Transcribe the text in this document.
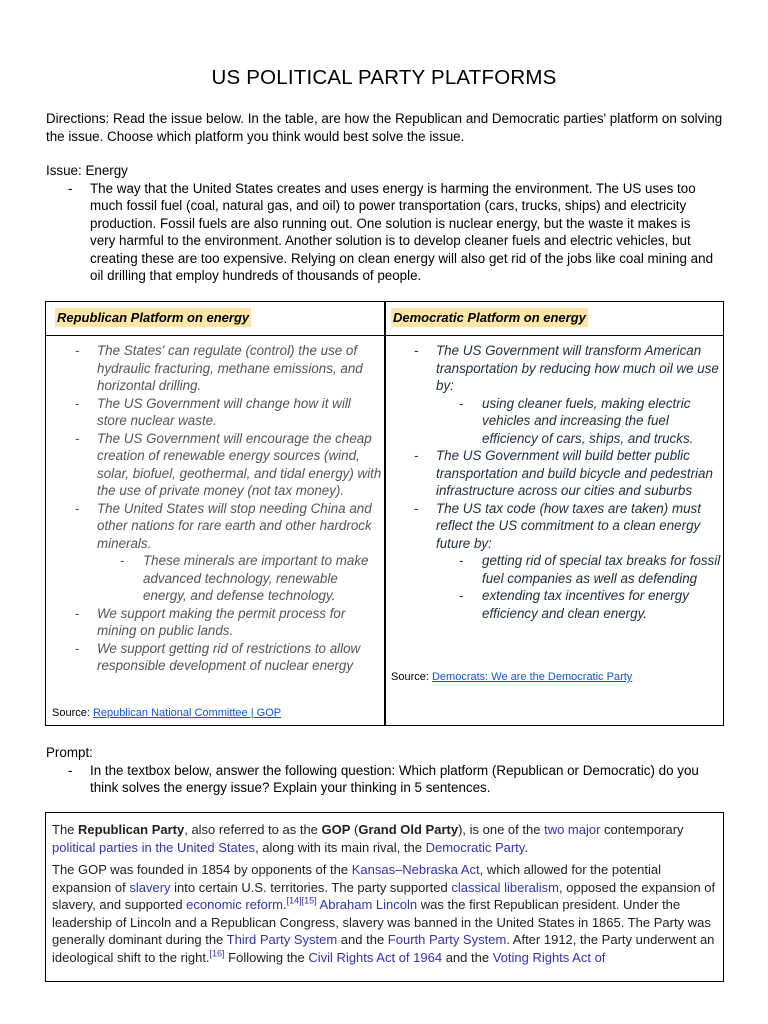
US POLITICAL PARTY PLATFORMS
Directions: Read the issue below. In the table, are how the Republican and Democratic parties' platform on solving the issue. Choose which platform you think would best solve the issue.
Issue: Energy
- The way that the United States creates and uses energy is harming the environment. The US uses too much fossil fuel (coal, natural gas, and oil) to power transportation (cars, trucks, ships) and electricity production. Fossil fuels are also running out. One solution is nuclear energy, but the waste it makes is very harmful to the environment. Another solution is to develop cleaner fuels and electric vehicles, but creating these are too expensive. Relying on clean energy will also get rid of the jobs like coal mining and oil drilling that employ hundreds of thousands of people.
Republican Platform on energy	Democratic Platform on energy
- The States' can regulate (control) the use of hydraulic fracturing, methane emissions, and horizontal drilling.
- The US Government will change how it will store nuclear waste.
- The US Government will encourage the cheap creation of renewable energy sources (wind, solar, biofuel, geothermal, and tidal energy) with the use of private money (not tax money).
- The United States will stop needing China and other nations for rare earth and other hardrock minerals.
- These minerals are important to make advanced technology, renewable energy, and defense technology.
- We support making the permit process for mining on public lands.
- We support getting rid of restrictions to allow responsible development of nuclear energy
- The US Government will transform American transportation by reducing how much oil we use by:
- using cleaner fuels, making electric vehicles and increasing the fuel efficiency of cars, ships, and trucks.
- The US Government will build better public transportation and build bicycle and pedestrian infrastructure across our cities and suburbs
- The US tax code (how taxes are taken) must reflect the US commitment to a clean energy future by:
- getting rid of special tax breaks for fossil fuel companies as well as defending
- extending tax incentives for energy efficiency and clean energy.
Source: Republican National Committee | GOP
Source: Democrats: We are the Democratic Party
Prompt:
- In the textbox below, answer the following question: Which platform (Republican or Democratic) do you think solves the energy issue? Explain your thinking in 5 sentences.

The Republican Party, also referred to as the GOP (Grand Old Party), is one of the two major contemporary political parties in the United States, along with its main rival, the Democratic Party.

The GOP was founded in 1854 by opponents of the Kansas–Nebraska Act, which allowed for the potential expansion of slavery into certain U.S. territories. The party supported classical liberalism, opposed the expansion of slavery, and supported economic reform.[14][15] Abraham Lincoln was the first Republican president. Under the leadership of Lincoln and a Republican Congress, slavery was banned in the United States in 1865. The Party was generally dominant during the Third Party System and the Fourth Party System. After 1912, the Party underwent an ideological shift to the right.[16] Following the Civil Rights Act of 1964 and the Voting Rights Act of
